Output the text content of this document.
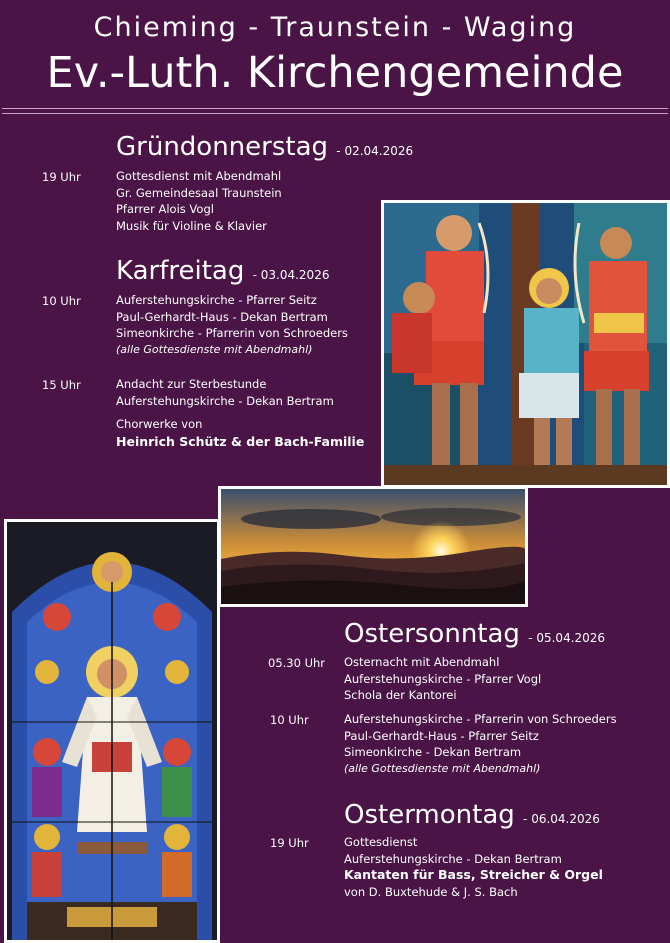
Chieming - Traunstein - Waging
Ev.-Luth. Kirchengemeinde
Gründonnerstag - 02.04.2026
19 Uhr	Gottesdienst mit Abendmahl
Gr. Gemeindesaal Traunstein
Pfarrer Alois Vogl
Musik für Violine & Klavier
Karfreitag - 03.04.2026
10 Uhr	Auferstehungskirche - Pfarrer Seitz
Paul-Gerhardt-Haus - Dekan Bertram
Simeonkirche - Pfarrerin von Schroeders
(alle Gottesdienste mit Abendmahl)
15 Uhr	Andacht zur Sterbestunde
Auferstehungskirche - Dekan Bertram
Chorwerke von
Heinrich Schütz & der Bach-Familie
Ostersonntag - 05.04.2026
05.30 Uhr Osternacht mit Abendmahl
Auferstehungskirche - Pfarrer Vogl
Schola der Kantorei
10 Uhr	Auferstehungskirche - Pfarrerin von Schroeders
Paul-Gerhardt-Haus - Pfarrer Seitz
Simeonkirche - Dekan Bertram
(alle Gottesdienste mit Abendmahl)
Ostermontag - 06.04.2026
19 Uhr	Gottesdienst
Auferstehungskirche - Dekan Bertram
Kantaten für Bass, Streicher & Orgel
von D. Buxtehude & J. S. Bach
